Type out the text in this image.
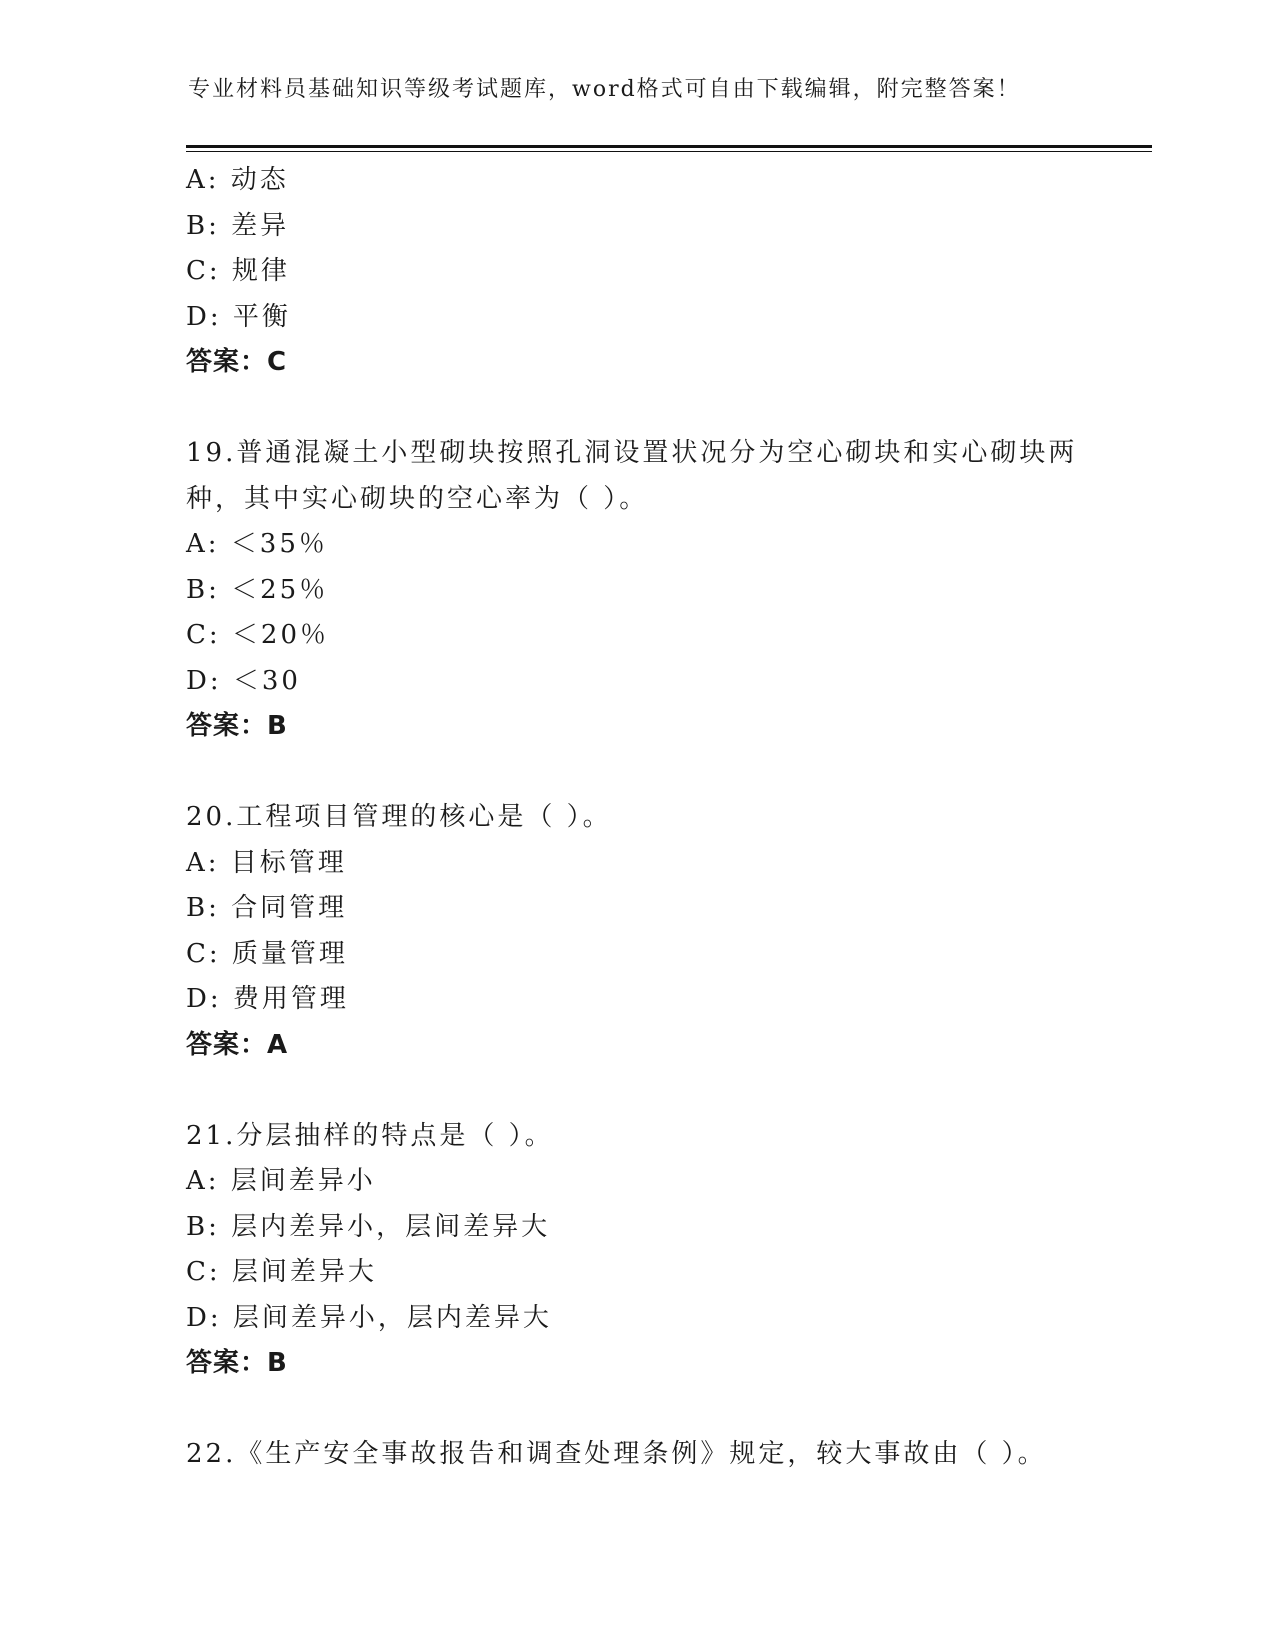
专业材料员基础知识等级考试题库，word格式可自由下载编辑，附完整答案！
A: 动态
B: 差异
C: 规律
D: 平衡
答案：C
19.普通混凝土小型砌块按照孔洞设置状况分为空心砌块和实心砌块两
种，其中实心砌块的空心率为（ ）。
A: ＜35％
B: ＜25％
C: ＜20％
D: ＜30
答案：B
20.工程项目管理的核心是（ ）。
A: 目标管理
B: 合同管理
C: 质量管理
D: 费用管理
答案：A
21.分层抽样的特点是（ ）。
A: 层间差异小
B: 层内差异小，层间差异大
C: 层间差异大
D: 层间差异小，层内差异大
答案：B
22.《生产安全事故报告和调查处理条例》规定，较大事故由（ ）。
